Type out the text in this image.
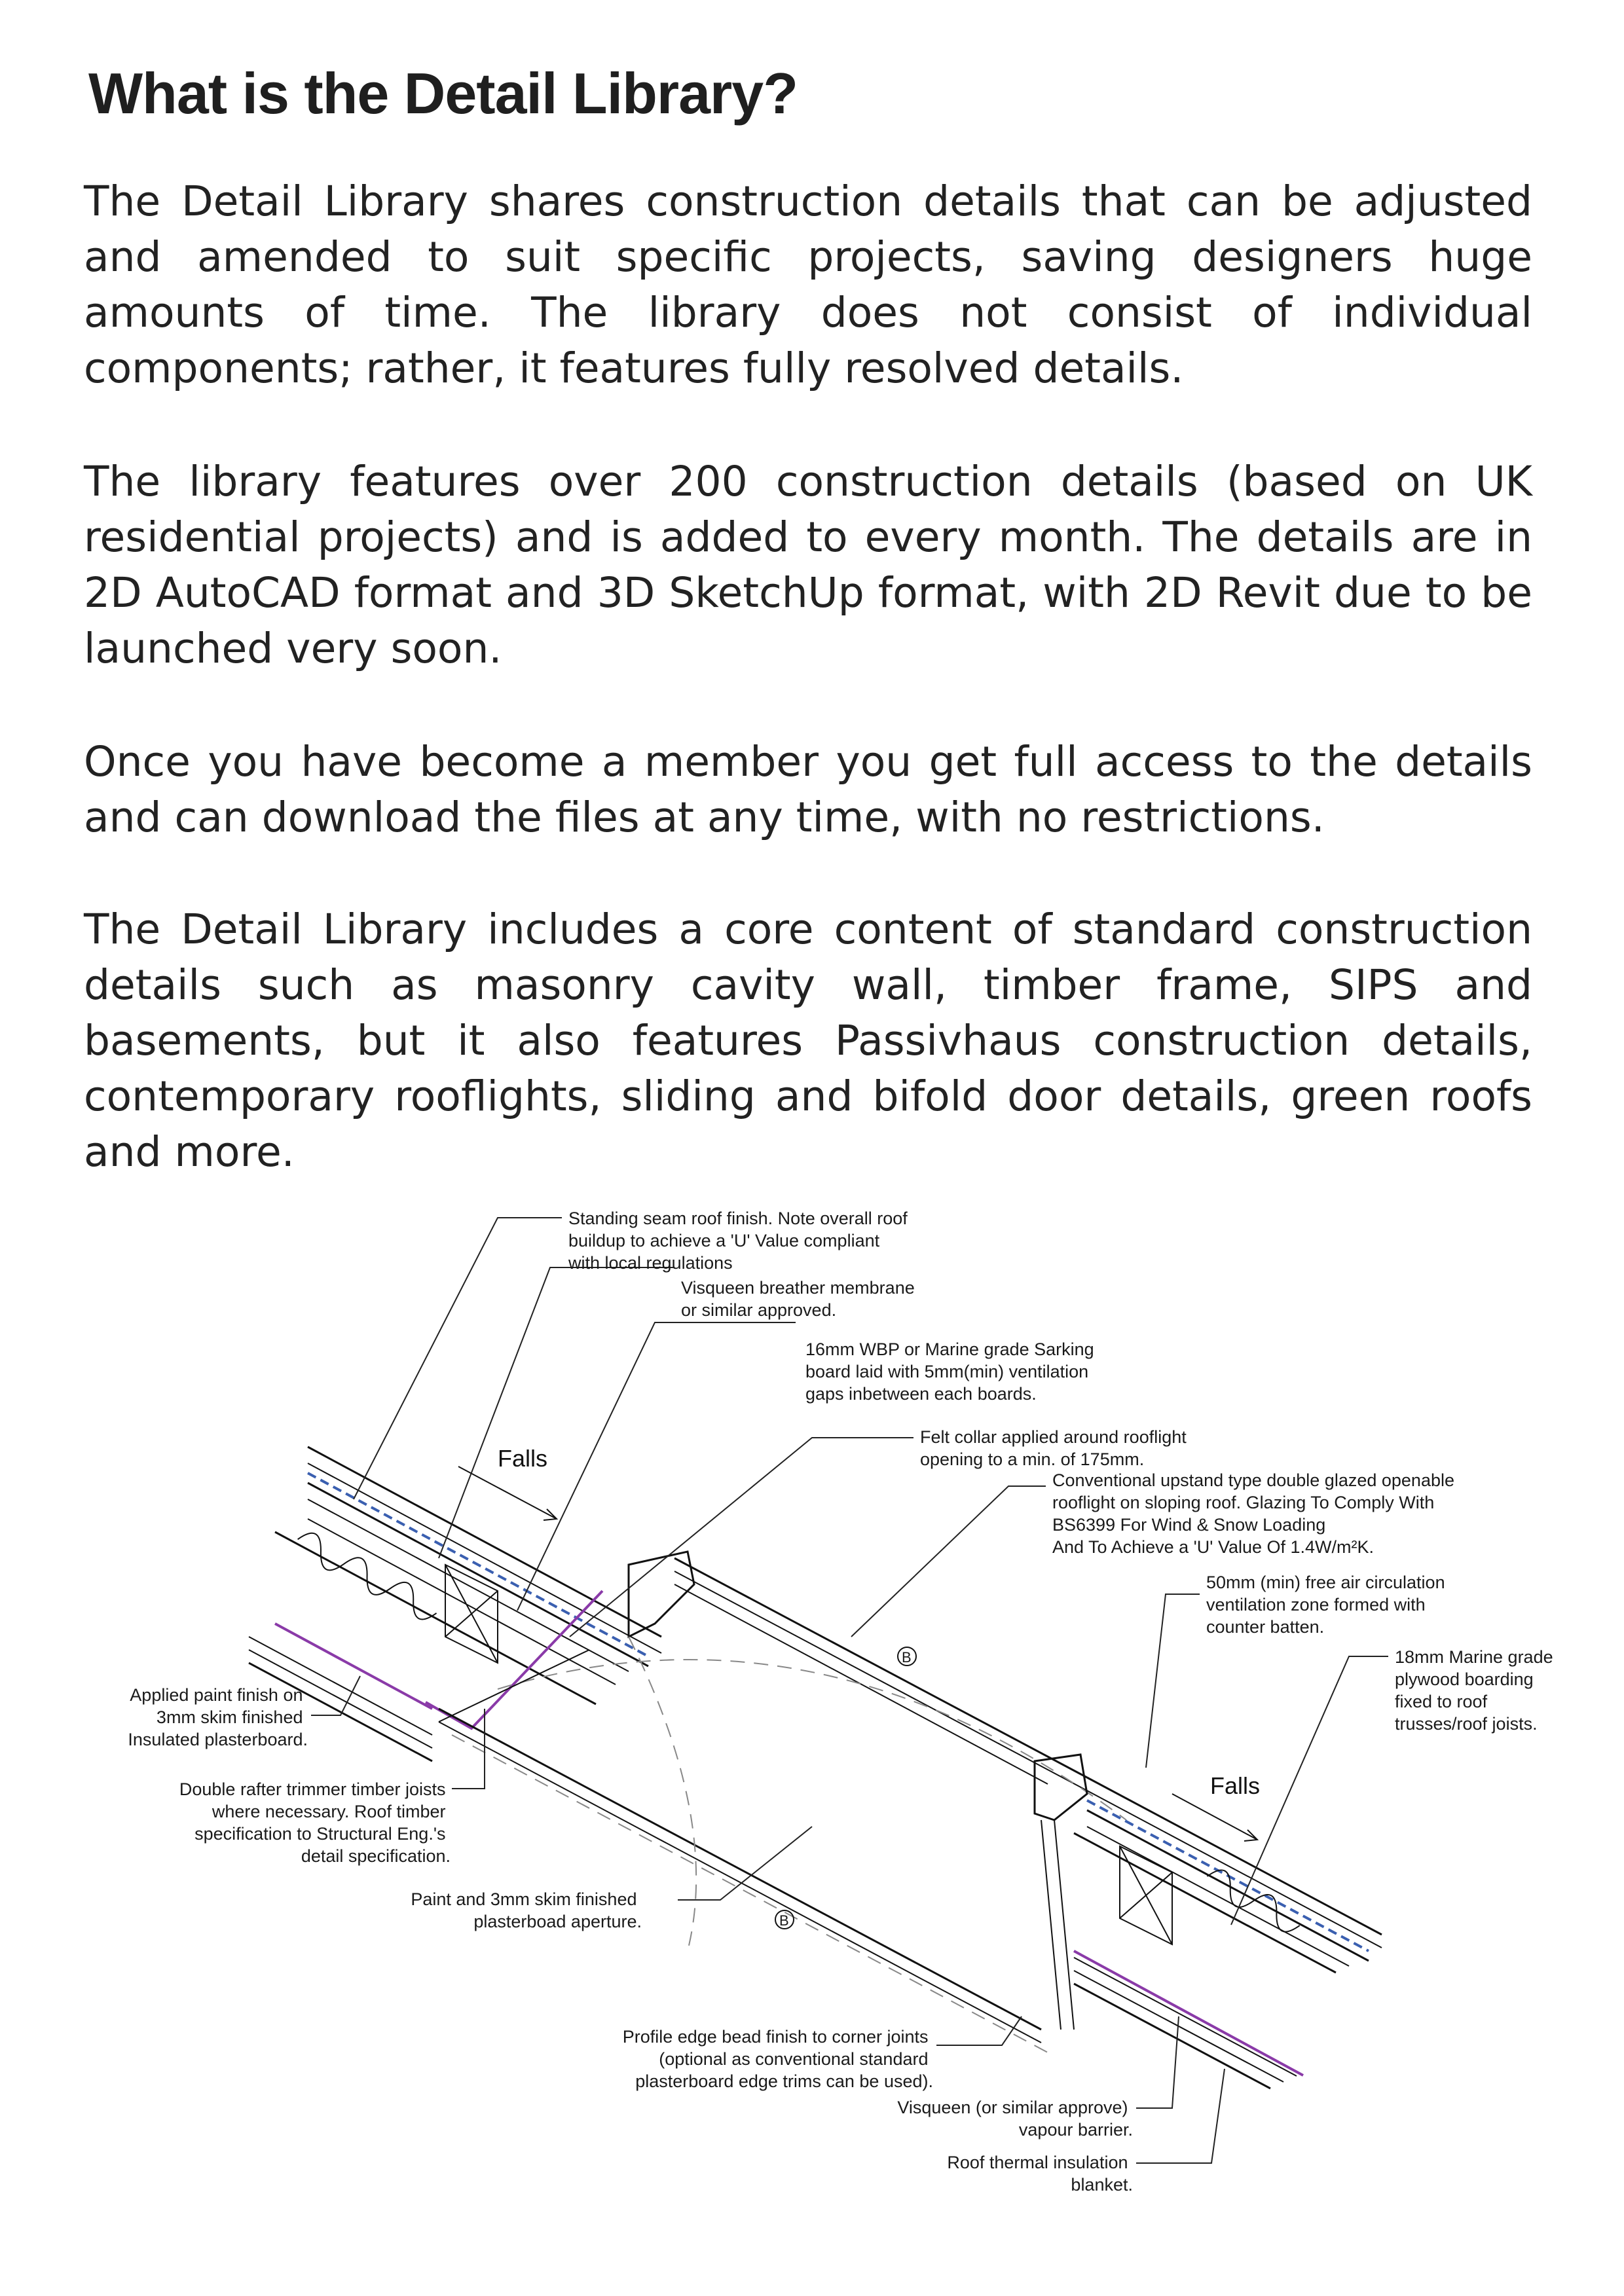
What is the Detail Library?

The Detail Library shares construction details that can be adjusted and amended to suit specific projects, saving designers huge amounts of time. The library does not consist of individual components; rather, it features fully resolved details.

The library features over 200 construction details (based on UK residential projects) and is added to every month. The details are in 2D AutoCAD format and 3D SketchUp format, with 2D Revit due to be launched very soon.

Once you have become a member you get full access to the details and can download the files at any time, with no restrictions.

The Detail Library includes a core content of standard construction details such as masonry cavity wall, timber frame, SIPS and basements, but it also features Passivhaus construction details, contemporary rooflights, sliding and bifold door details, green roofs and more.

Falls
Falls
B
B
Standing seam roof finish. Note overall roof buildup to achieve a 'U' Value compliant with local regulations
Visqueen breather membrane or similar approved.
16mm WBP or Marine grade Sarking board laid with 5mm(min) ventilation gaps inbetween each boards.
Felt collar applied around rooflight opening to a min. of 175mm.
Conventional upstand type double glazed openable rooflight on sloping roof. Glazing To Comply With BS6399 For Wind & Snow Loading And To Achieve a 'U' Value Of 1.4W/m²K.
50mm (min) free air circulation ventilation zone formed with counter batten.
18mm Marine grade plywood boarding fixed to roof trusses/roof joists.
Applied paint finish on 3mm skim finished Insulated plasterboard.
Double rafter trimmer timber joists where necessary. Roof timber specification to Structural Eng.'s detail specification.
Paint and 3mm skim finished plasterboad aperture.
Profile edge bead finish to corner joints (optional as conventional standard plasterboard edge trims can be used).
Visqueen (or similar approve) vapour barrier.
Roof thermal insulation blanket.
